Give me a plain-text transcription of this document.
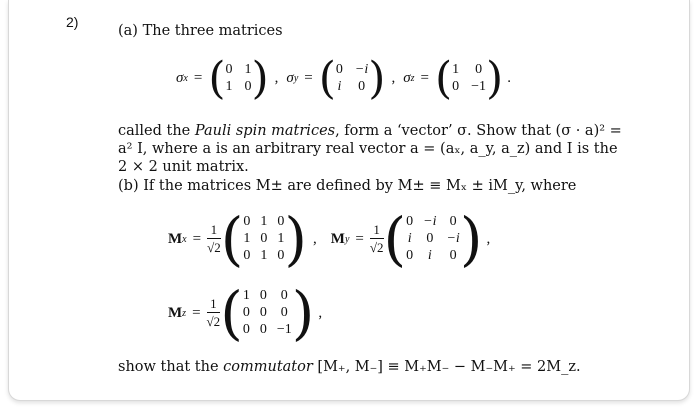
2)
(a) The three matrices
σ x = ( 0 1
1 0 ) , σ y = ( 0 −i
i 0 ) , σ z = ( 1 0
0 −1 ) .
called the Pauli spin matrices, form a ‘vector’ σ. Show that (σ · a)² =
a² I, where a is an arbitrary real vector a = (aₓ, a_y, a_z) and I is the
2 × 2 unit matrix.
(b) If the matrices M± are defined by M± ≡ Mₓ ± iM_y, where
M $x = \frac{1}{√2}$ ( 0 1 0
1 0 1
0 1 0 ) , M $y = \frac{1}{√2}$ ( 0 −i 0
i 0 −i
0	i	0 ) ,
M $z = \frac{1}{√2}$ ( 1 0 0
0 0 0
0 0 −1 ) ,
show that the commutator [M₊, M₋] ≡ M₊M₋ − M₋M₊ = 2M_z.
